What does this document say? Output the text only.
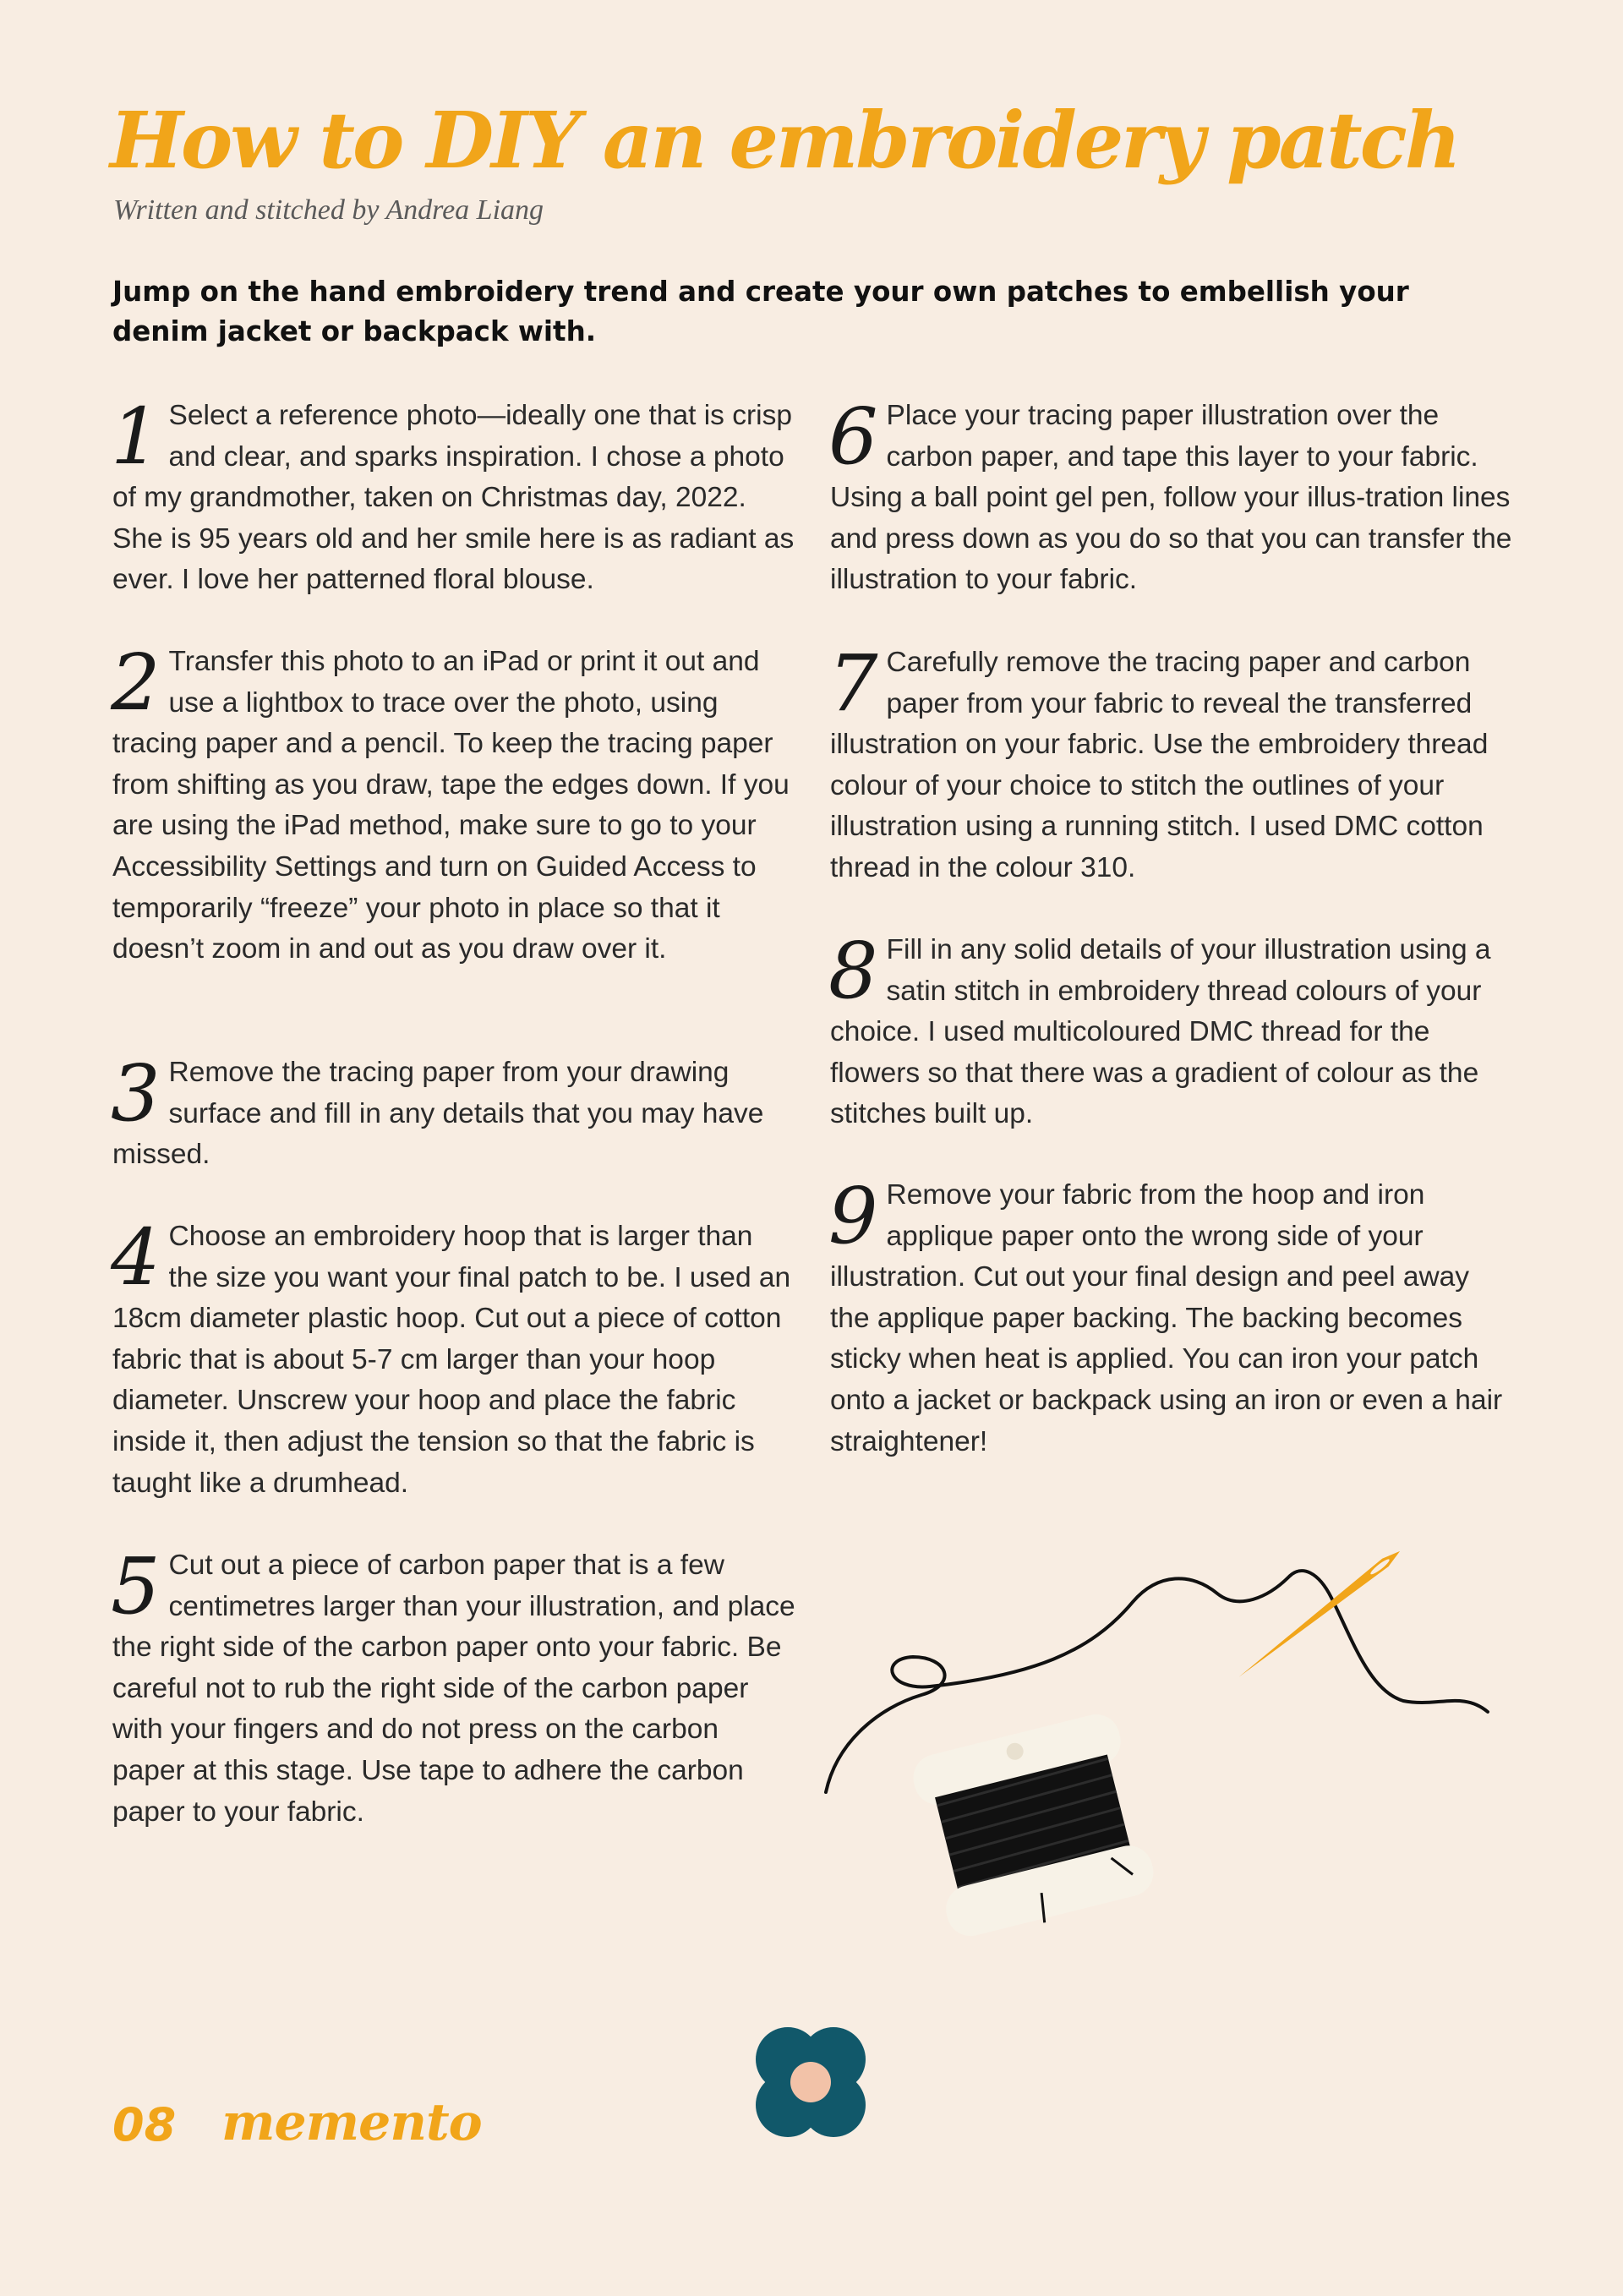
How to DIY an embroidery patch
Written and stitched by Andrea Liang
Jump on the hand embroidery trend and create your own patches to embellish your denim jacket or backpack with.

1 Select a reference photo—ideally one that is crisp and clear, and sparks inspiration. I chose a photo of my grandmother, taken on Christmas day, 2022. She is 95 years old and her smile here is as radiant as ever. I love her patterned floral blouse.

2 Transfer this photo to an iPad or print it out and use a lightbox to trace over the photo, using tracing paper and a pencil. To keep the tracing paper from shifting as you draw, tape the edges down. If you are using the iPad method, make sure to go to your Accessibility Settings and turn on Guided Access to temporarily “freeze” your photo in place so that it doesn’t zoom in and out as you draw over it.

3 Remove the tracing paper from your drawing surface and fill in any details that you may have missed.

4 Choose an embroidery hoop that is larger than the size you want your final patch to be. I used an 18cm diameter plastic hoop. Cut out a piece of cotton fabric that is about 5-7 cm larger than your hoop diameter. Unscrew your hoop and place the fabric inside it, then adjust the tension so that the fabric is taught like a drumhead.

5 Cut out a piece of carbon paper that is a few centimetres larger than your illustration, and place the right side of the carbon paper onto your fabric. Be careful not to rub the right side of the carbon paper with your fingers and do not press on the carbon paper at this stage. Use tape to adhere the carbon paper to your fabric.

6 Place your tracing paper illustration over the carbon paper, and tape this layer to your fabric. Using a ball point gel pen, follow your illus-tration lines and press down as you do so that you can transfer the illustration to your fabric.

7 Carefully remove the tracing paper and carbon paper from your fabric to reveal the transferred illustration on your fabric. Use the embroidery thread colour of your choice to stitch the outlines of your illustration using a running stitch. I used DMC cotton thread in the colour 310.

8 Fill in any solid details of your illustration using a satin stitch in embroidery thread colours of your choice. I used multicoloured DMC thread for the flowers so that there was a gradient of colour as the stitches built up.

9 Remove your fabric from the hoop and iron applique paper onto the wrong side of your illustration. Cut out your final design and peel away the applique paper backing. The backing becomes sticky when heat is applied. You can iron your patch onto a jacket or backpack using an iron or even a hair straightener!

08 memento
